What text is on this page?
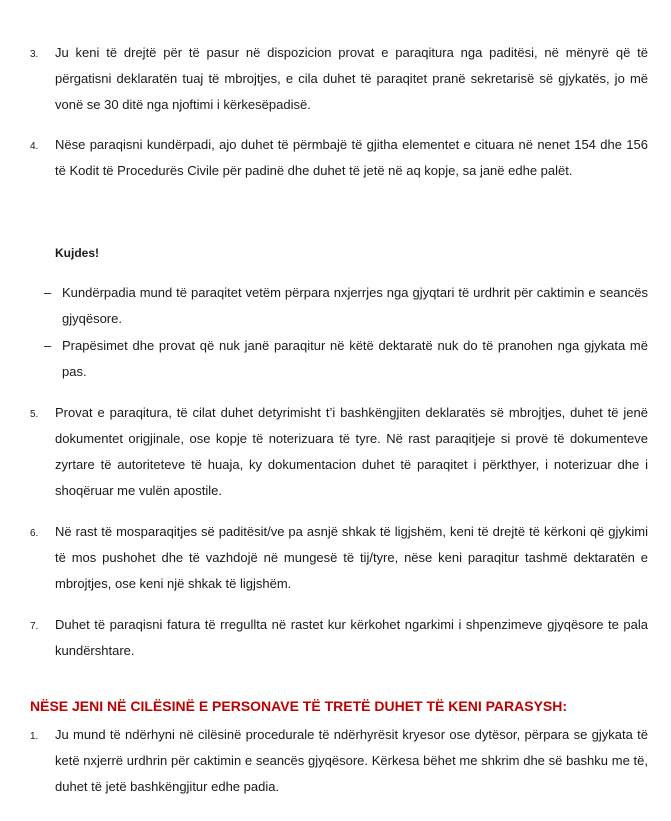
3. Ju keni të drejtë për të pasur në dispozicion provat e paraqitura nga paditësi, në mënyrë që të përgatisni deklaratën tuaj të mbrojtjes, e cila duhet të paraqitet pranë sekretarisë së gjykatës, jo më vonë se 30 ditë nga njoftimi i kërkesëpadisë.
4. Nëse paraqisni kundërpadi, ajo duhet të përmbajë të gjitha elementet e cituara në nenet 154 dhe 156 të Kodit të Procedurës Civile për padinë dhe duhet të jetë në aq kopje, sa janë edhe palët.
Kujdes!
– Kundërpadia mund të paraqitet vetëm përpara nxjerrjes nga gjyqtari të urdhrit për caktimin e seancës gjyqësore.
– Prapësimet dhe provat që nuk janë paraqitur në këtë dektaratë nuk do të pranohen nga gjykata më pas.
5. Provat e paraqitura, të cilat duhet detyrimisht t’i bashkëngjiten deklaratës së mbrojtjes, duhet të jenë dokumentet origjinale, ose kopje të noterizuara të tyre. Në rast paraqitjeje si provë të dokumenteve zyrtare të autoriteteve të huaja, ky dokumentacion duhet të paraqitet i përkthyer, i noterizuar dhe i shoqëruar me vulën apostile.
6. Në rast të mosparaqitjes së paditësit/ve pa asnjë shkak të ligjshëm, keni të drejtë të kërkoni që gjykimi të mos pushohet dhe të vazhdojë në mungesë të tij/tyre, nëse keni paraqitur tashmë dektaratën e mbrojtjes, ose keni një shkak të ligjshëm.
7. Duhet të paraqisni fatura të rregullta në rastet kur kërkohet ngarkimi i shpenzimeve gjyqësore te pala kundërshtare.
NËSE JENI NË CILËSINË E PERSONAVE TË TRETË DUHET TË KENI PARASYSH:
1. Ju mund të ndërhyni në cilësinë procedurale të ndërhyrësit kryesor ose dytësor, përpara se gjykata të ketë nxjerrë urdhrin për caktimin e seancës gjyqësore. Kërkesa bëhet me shkrim dhe së bashku me të, duhet të jetë bashkëngjitur edhe padia.
